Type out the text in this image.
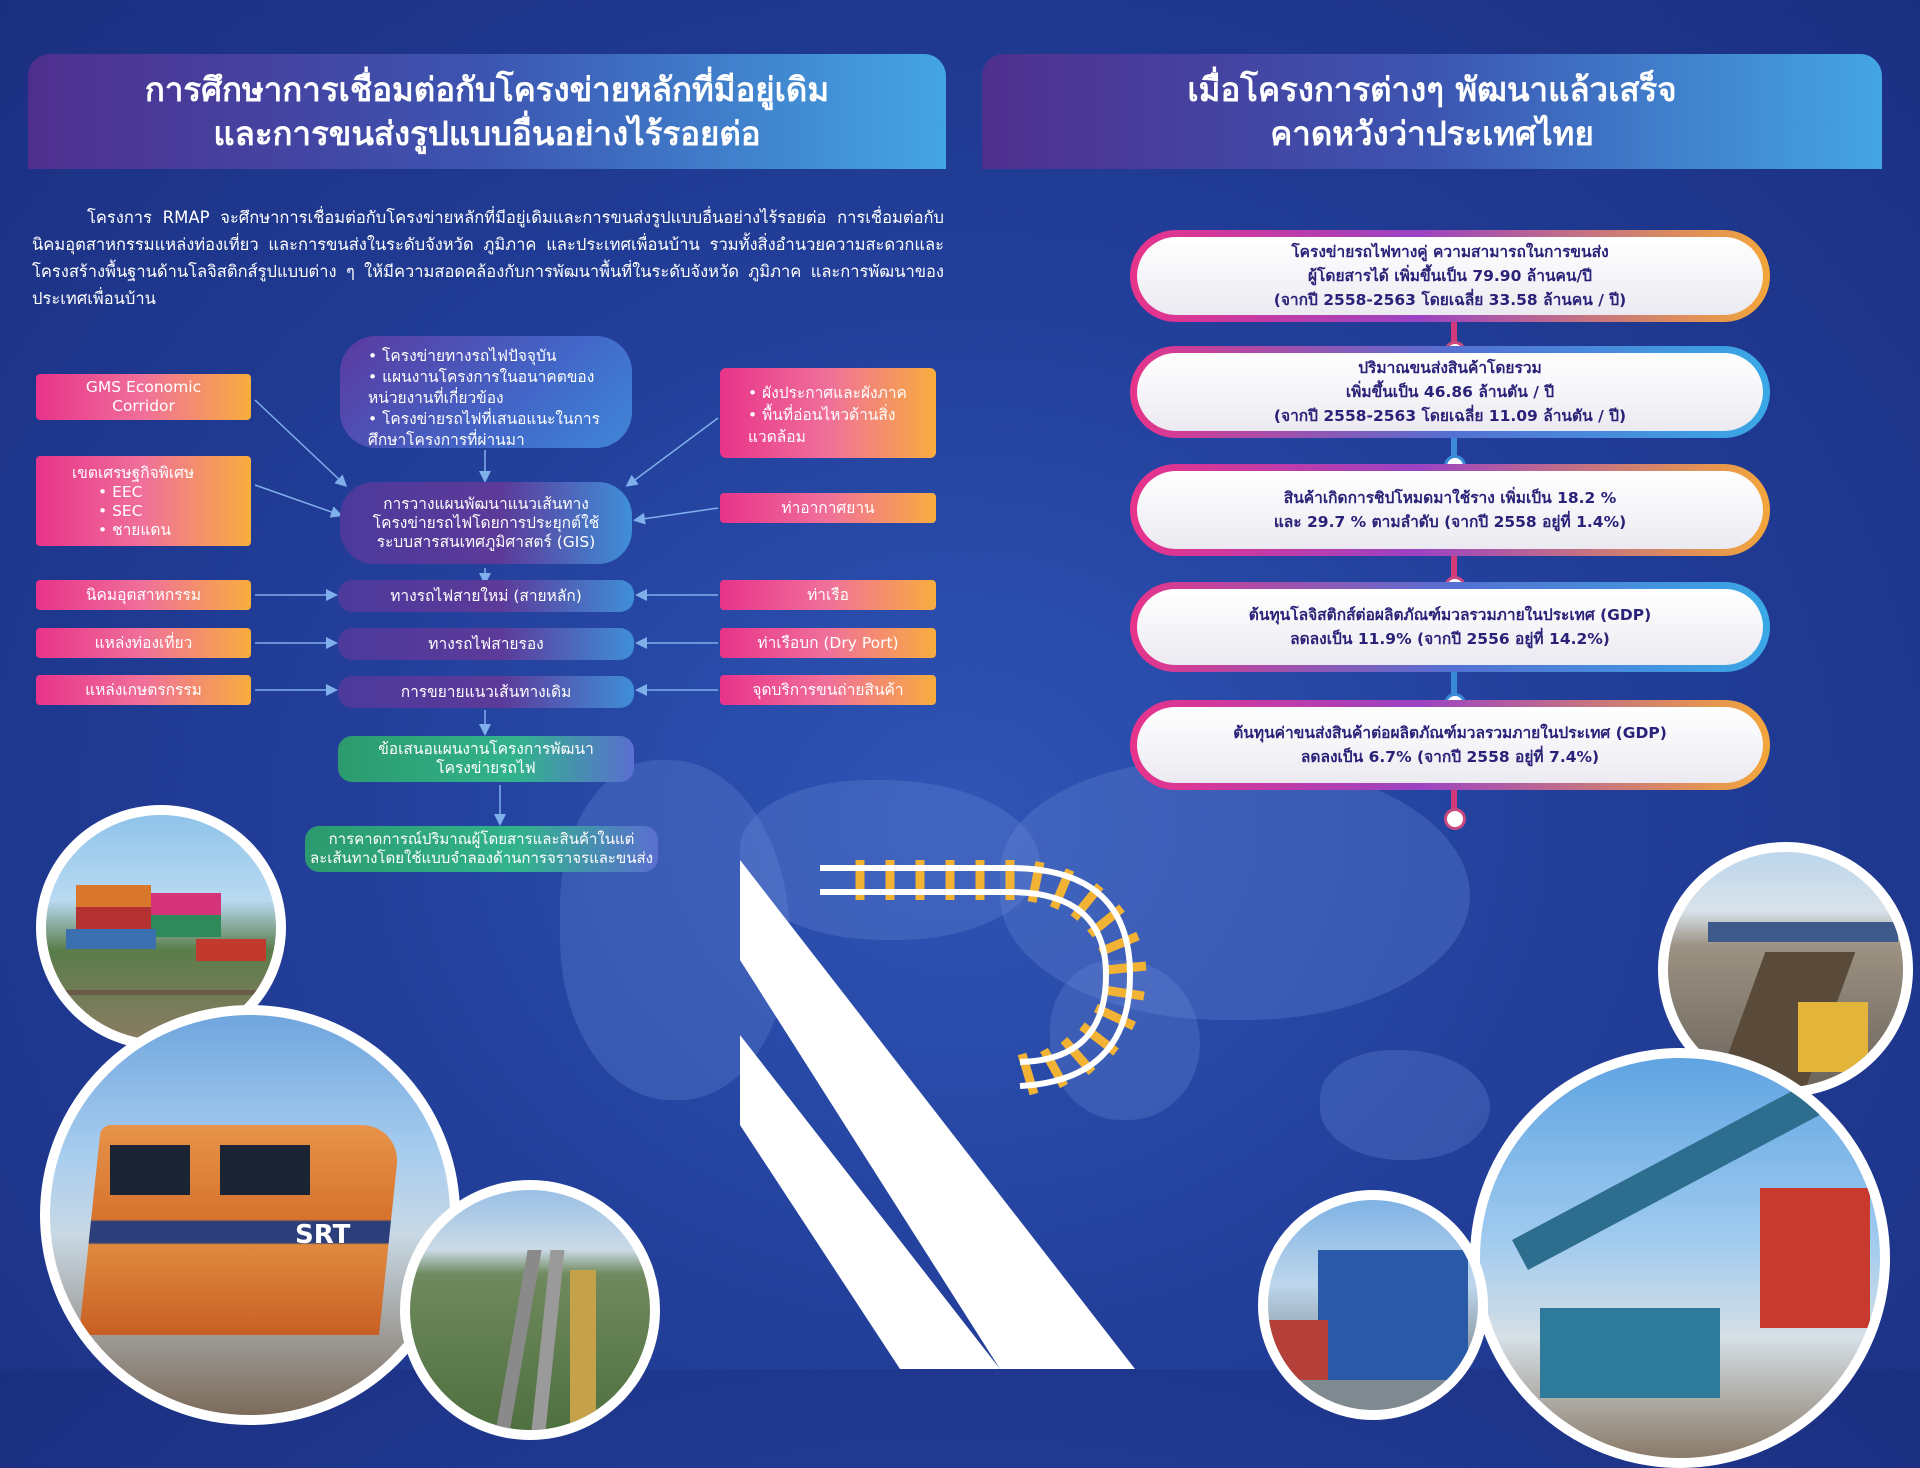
การศึกษาการเชื่อมต่อกับโครงข่ายหลักที่มีอยู่เดิม
และการขนส่งรูปแบบอื่นอย่างไร้รอยต่อ
โครงการ RMAP จะศึกษาการเชื่อมต่อกับโครงข่ายหลักที่มีอยู่เดิมและการขนส่งรูปแบบอื่นอย่างไร้รอยต่อ การเชื่อมต่อกับนิคมอุตสาหกรรมแหล่งท่องเที่ยว และการขนส่งในระดับจังหวัด ภูมิภาค และประเทศเพื่อนบ้าน รวมทั้งสิ่งอำนวยความสะดวกและโครงสร้างพื้นฐานด้านโลจิสติกส์รูปแบบต่าง ๆ ให้มีความสอดคล้องกับการพัฒนาพื้นที่ในระดับจังหวัด ภูมิภาค และการพัฒนาของประเทศเพื่อนบ้าน
GMS Economic
Corridor
เขตเศรษฐกิจพิเศษ
• EEC
• SEC
• ชายแดน
นิคมอุตสาหกรรม
แหล่งท่องเที่ยว
แหล่งเกษตรกรรม
• โครงข่ายทางรถไฟปัจจุบัน
• แผนงานโครงการในอนาคตของหน่วยงานที่เกี่ยวข้อง
• โครงข่ายรถไฟที่เสนอแนะในการศึกษาโครงการที่ผ่านมา
• ผังประกาศและผังภาค
• พื้นที่อ่อนไหวด้านสิ่งแวดล้อม
ท่าอากาศยาน
ท่าเรือ
ท่าเรือบก (Dry Port)
จุดบริการขนถ่ายสินค้า
การวางแผนพัฒนาแนวเส้นทาง
โครงข่ายรถไฟโดยการประยุกต์ใช้
ระบบสารสนเทศภูมิศาสตร์ (GIS)
ทางรถไฟสายใหม่ (สายหลัก)
ทางรถไฟสายรอง
การขยายแนวเส้นทางเดิม
ข้อเสนอแผนงานโครงการพัฒนา
โครงข่ายรถไฟ
การคาดการณ์ปริมาณผู้โดยสารและสินค้าในแต่
ละเส้นทางโดยใช้แบบจำลองด้านการจราจรและขนส่ง
SRT
เมื่อโครงการต่างๆ พัฒนาแล้วเสร็จ
คาดหวังว่าประเทศไทย
โครงข่ายรถไฟทางคู่ ความสามารถในการขนส่ง
ผู้โดยสารได้ เพิ่มขึ้นเป็น 79.90 ล้านคน/ปี
(จากปี 2558-2563 โดยเฉลี่ย 33.58 ล้านคน / ปี)
ปริมาณขนส่งสินค้าโดยรวม
เพิ่มขึ้นเป็น 46.86 ล้านตัน / ปี
(จากปี 2558-2563 โดยเฉลี่ย 11.09 ล้านตัน / ปี)
สินค้าเกิดการชิปโหมดมาใช้ราง เพิ่มเป็น 18.2 %
และ 29.7 % ตามลำดับ (จากปี 2558 อยู่ที่ 1.4%)
ต้นทุนโลจิสติกส์ต่อผลิตภัณฑ์มวลรวมภายในประเทศ (GDP)
ลดลงเป็น 11.9% (จากปี 2556 อยู่ที่ 14.2%)
ต้นทุนค่าขนส่งสินค้าต่อผลิตภัณฑ์มวลรวมภายในประเทศ (GDP)
ลดลงเป็น 6.7% (จากปี 2558 อยู่ที่ 7.4%)
